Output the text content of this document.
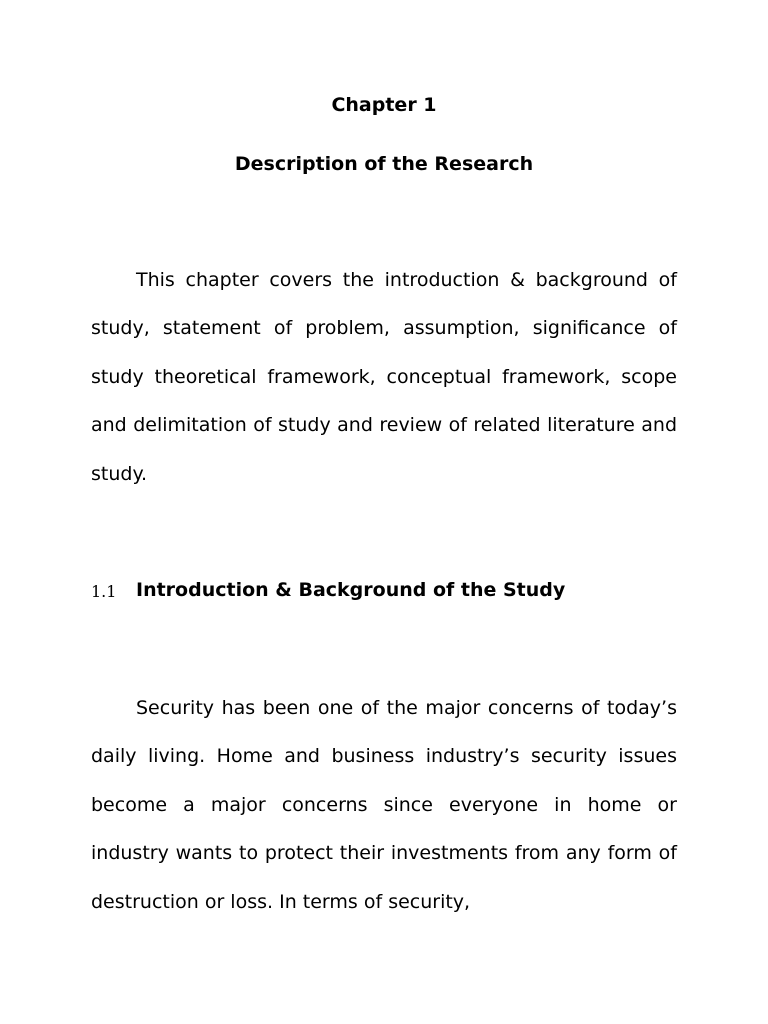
Chapter 1
Description of the Research

This chapter covers the introduction & background of study, statement of problem, assumption, significance of study theoretical framework, conceptual framework, scope and delimitation of study and review of related literature and study.

1.1 Introduction & Background of the Study

Security has been one of the major concerns of today’s daily living. Home and business industry’s security issues become a major concerns since everyone in home or industry wants to protect their investments from any form of destruction or loss. In terms of security,
